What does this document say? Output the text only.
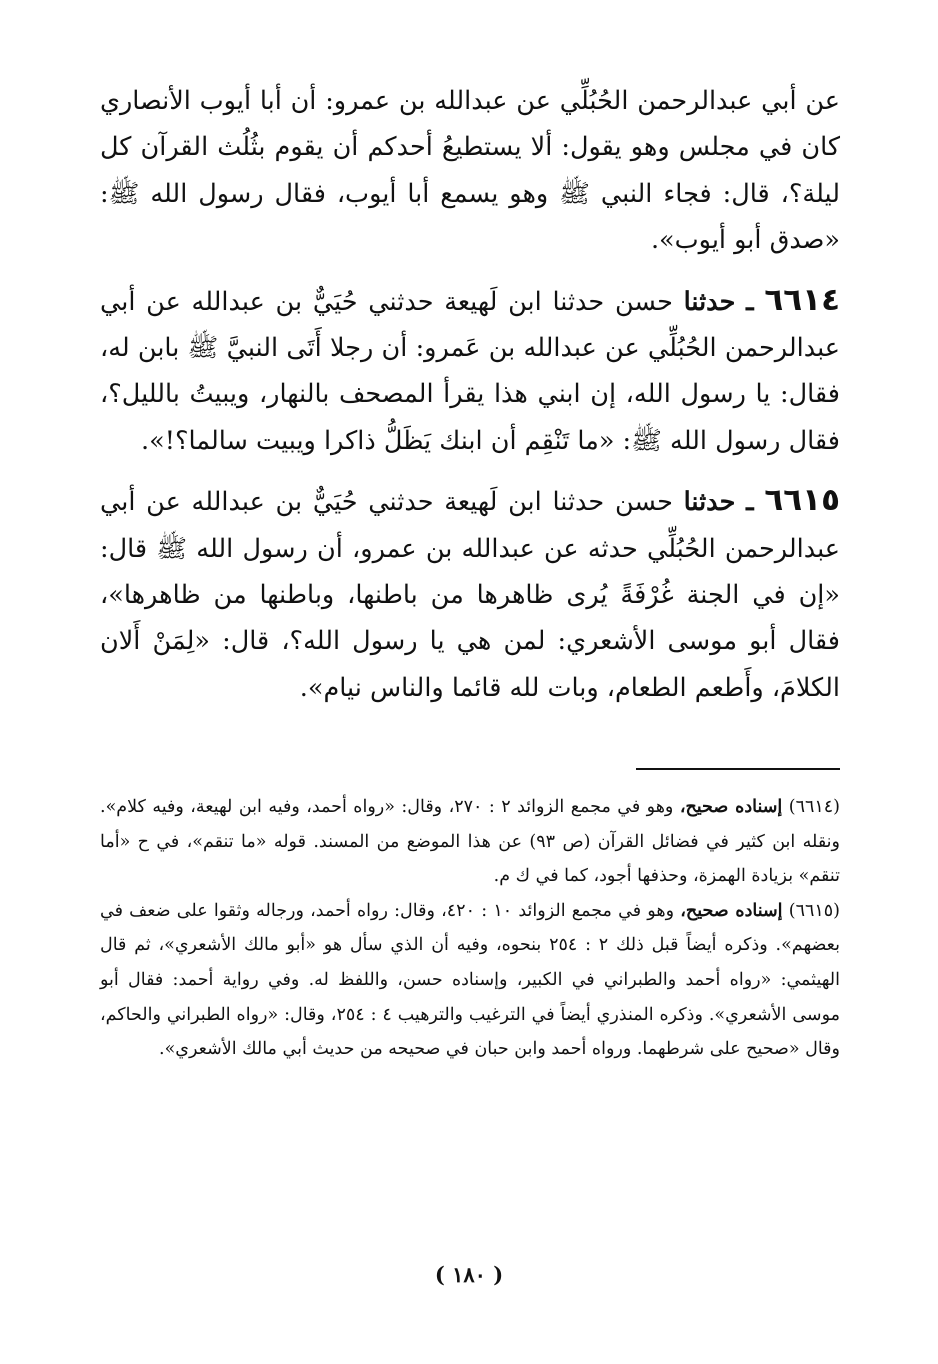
عن أبي عبدالرحمن الحُبُلِّي عن عبدالله بن عمرو: أن أبا أيوب الأنصاري كان في مجلس وهو يقول: ألا يستطيعُ أحدكم أن يقوم بثُلُث القرآن كل ليلة؟، قال: فجاء النبي ﷺ وهو يسمع أبا أيوب، فقال رسول الله ﷺ: «صدق أبو أيوب».

٦٦١٤ ـ حدثنا حسن حدثنا ابن لَهيعة حدثني حُيَيٌّ بن عبدالله عن أبي عبدالرحمن الحُبُلِّي عن عبدالله بن عَمرو: أن رجلا أَتَى النبيَّ ﷺ بابن له، فقال: يا رسول الله، إن ابني هذا يقرأ المصحف بالنهار، ويبيتُ بالليل؟، فقال رسول الله ﷺ: «ما تَنْقِم أن ابنك يَظَلُّ ذاكرا ويبيت سالما؟!».

٦٦١٥ ـ حدثنا حسن حدثنا ابن لَهيعة حدثني حُيَيٌّ بن عبدالله عن أبي عبدالرحمن الحُبُلِّي حدثه عن عبدالله بن عمرو، أن رسول الله ﷺ قال: «إن في الجنة غُرْفَةً يُرى ظاهرها من باطنها، وباطنها من ظاهرها»، فقال أبو موسى الأشعري: لمن هي يا رسول الله؟، قال: «لِمَنْ أَلان الكلامَ، وأَطعم الطعام، وبات لله قائما والناس نيام».

(٦٦١٤) إسناده صحيح، وهو في مجمع الزوائد ٢ : ٢٧٠، وقال: «رواه أحمد، وفيه ابن لهيعة، وفيه كلام». ونقله ابن كثير في فضائل القرآن (ص ٩٣) عن هذا الموضع من المسند. قوله «ما تنقم»، في ح «أما تنقم» بزيادة الهمزة، وحذفها أجود، كما في ك م.

(٦٦١٥) إسناده صحيح، وهو في مجمع الزوائد ١٠ : ٤٢٠، وقال: رواه أحمد، ورجاله وثقوا على ضعف في بعضهم». وذكره أيضاً قبل ذلك ٢ : ٢٥٤ بنحوه، وفيه أن الذي سأل هو «أبو مالك الأشعري»، ثم قال الهيثمي: «رواه أحمد والطبراني في الكبير، وإسناده حسن، واللفظ له. وفي رواية أحمد: فقال أبو موسى الأشعري». وذكره المنذري أيضاً في الترغيب والترهيب ٤ : ٢٥٤، وقال: «رواه الطبراني والحاكم، وقال «صحيح على شرطهما. ورواه أحمد وابن حبان في صحيحه من حديث أبي مالك الأشعري».

( ١٨٠ )
